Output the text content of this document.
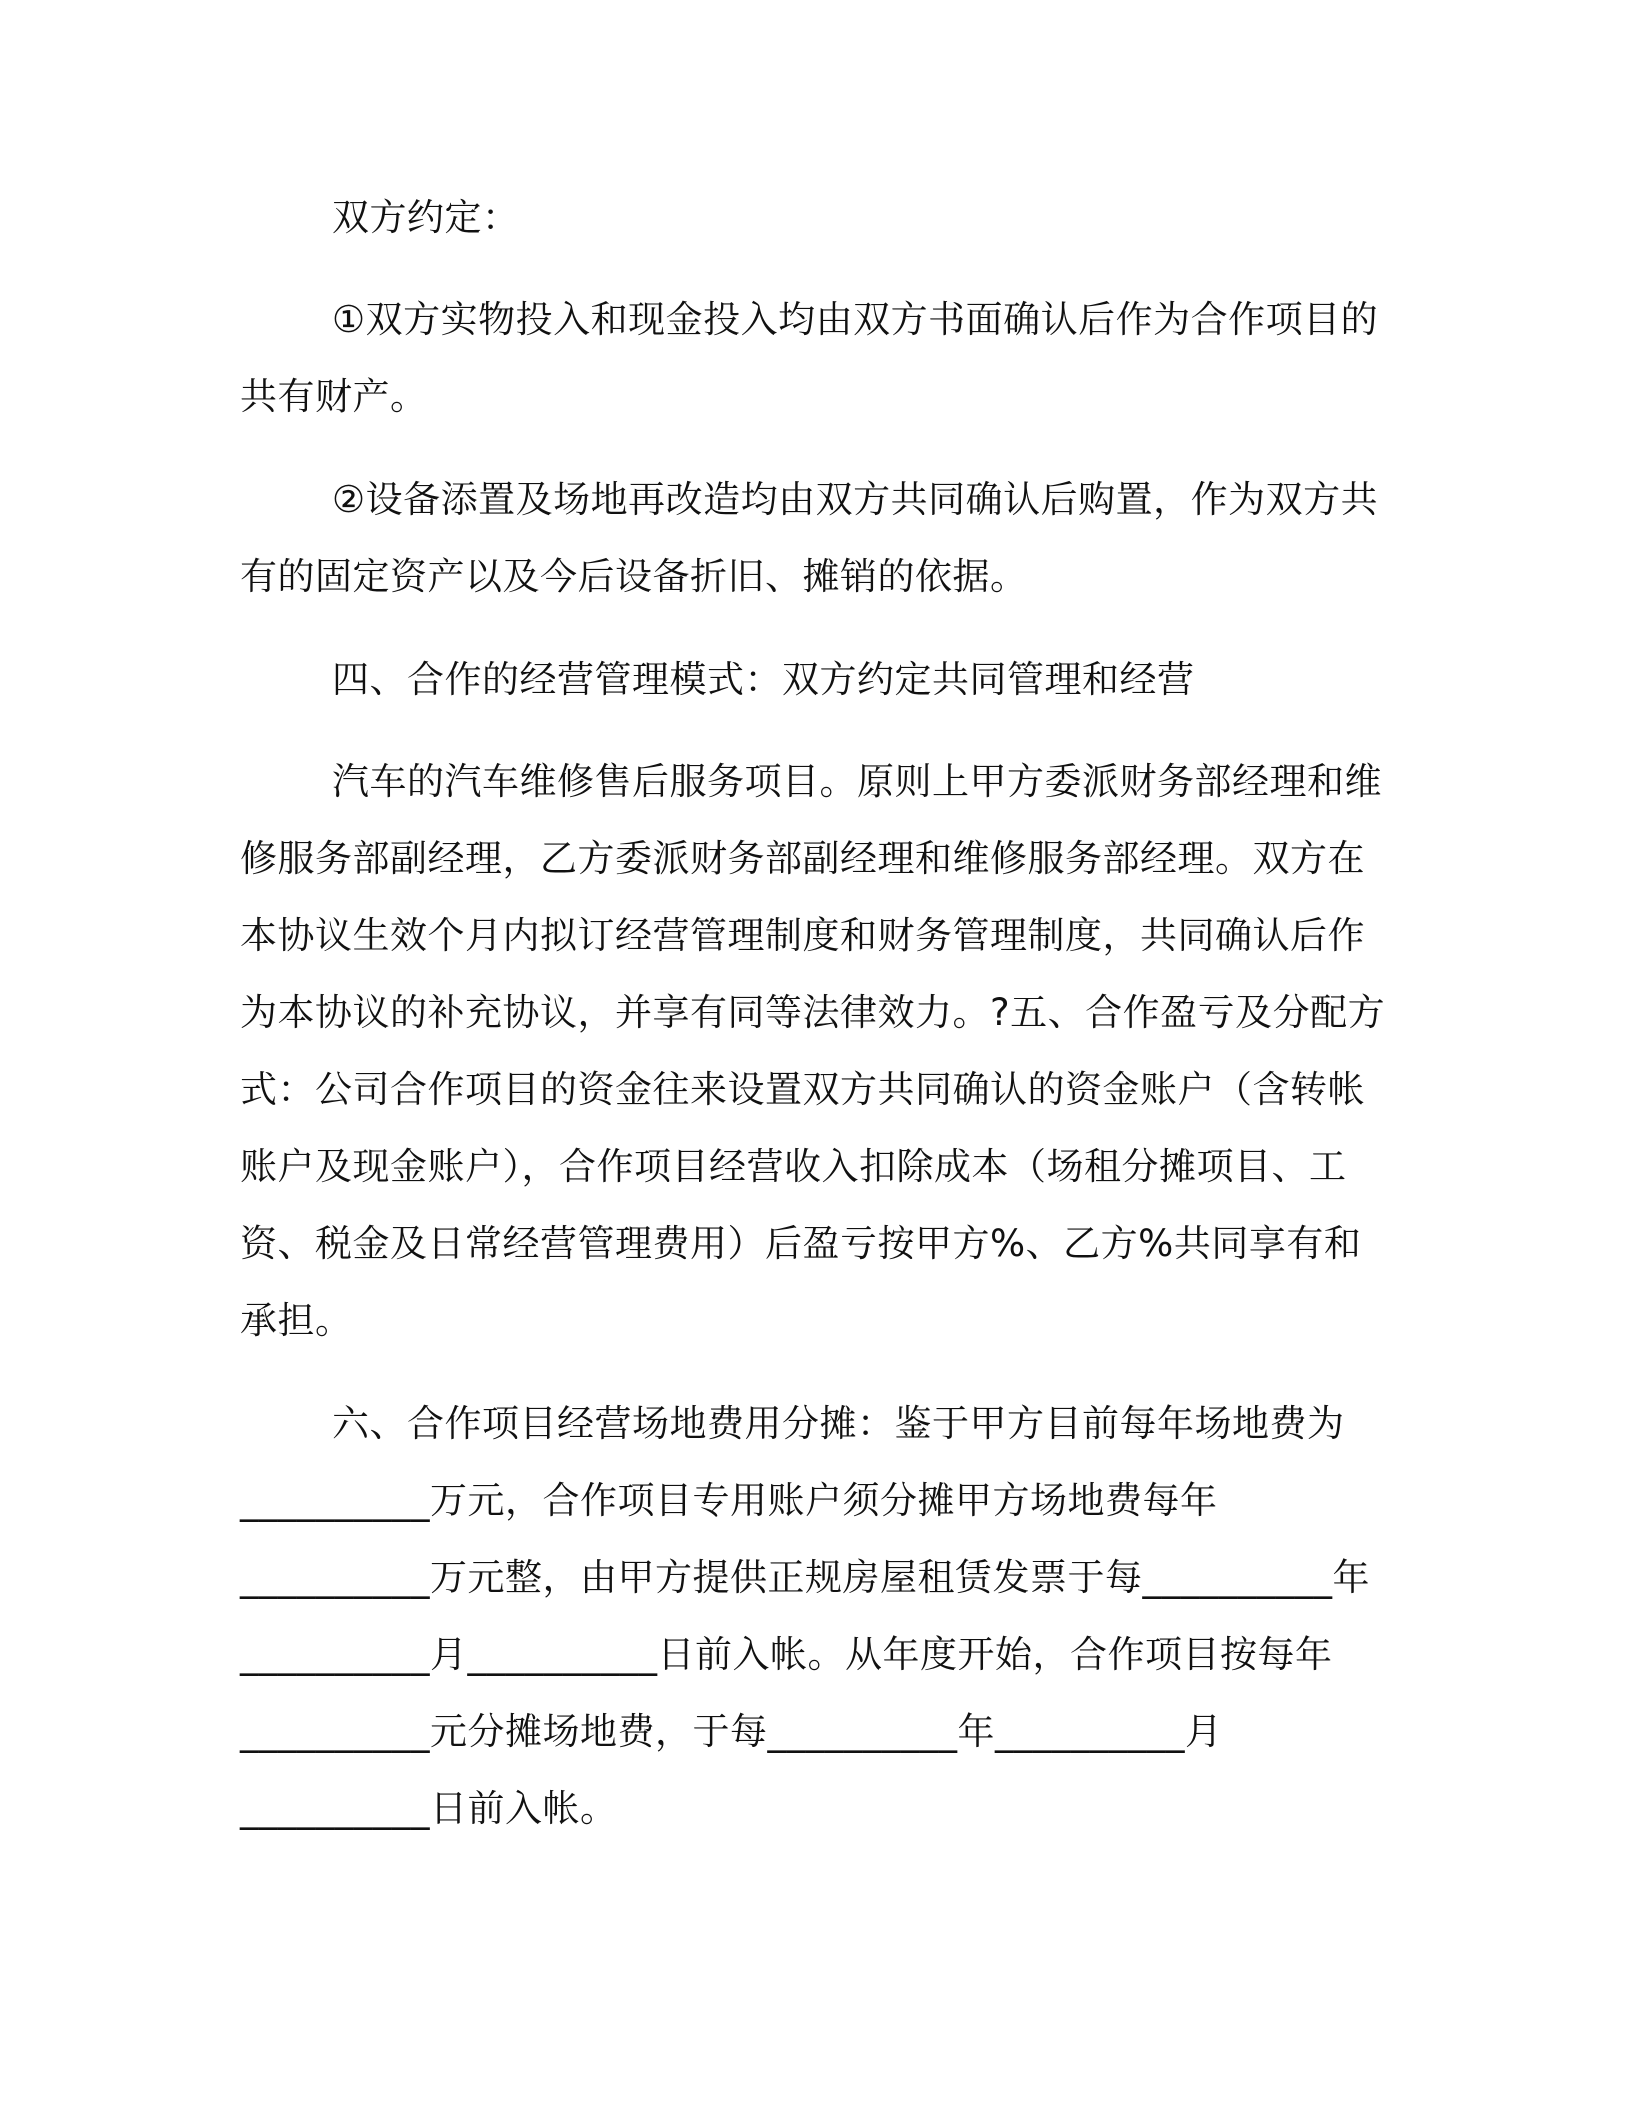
双方约定：
①双方实物投入和现金投入均由双方书面确认后作为合作项目的
共有财产。
②设备添置及场地再改造均由双方共同确认后购置，作为双方共
有的固定资产以及今后设备折旧、摊销的依据。
四、合作的经营管理模式：双方约定共同管理和经营
汽车的汽车维修售后服务项目。原则上甲方委派财务部经理和维
修服务部副经理，乙方委派财务部副经理和维修服务部经理。双方在
本协议生效个月内拟订经营管理制度和财务管理制度，共同确认后作
为本协议的补充协议，并享有同等法律效力。?五、合作盈亏及分配方
式：公司合作项目的资金往来设置双方共同确认的资金账户（含转帐
账户及现金账户），合作项目经营收入扣除成本（场租分摊项目、工
资、税金及日常经营管理费用）后盈亏按甲方%、乙方%共同享有和
承担。
六、合作项目经营场地费用分摊：鉴于甲方目前每年场地费为
__________万元，合作项目专用账户须分摊甲方场地费每年
__________万元整，由甲方提供正规房屋租赁发票于每__________年
__________月__________日前入帐。从年度开始，合作项目按每年
__________元分摊场地费，于每__________年__________月
__________日前入帐。
